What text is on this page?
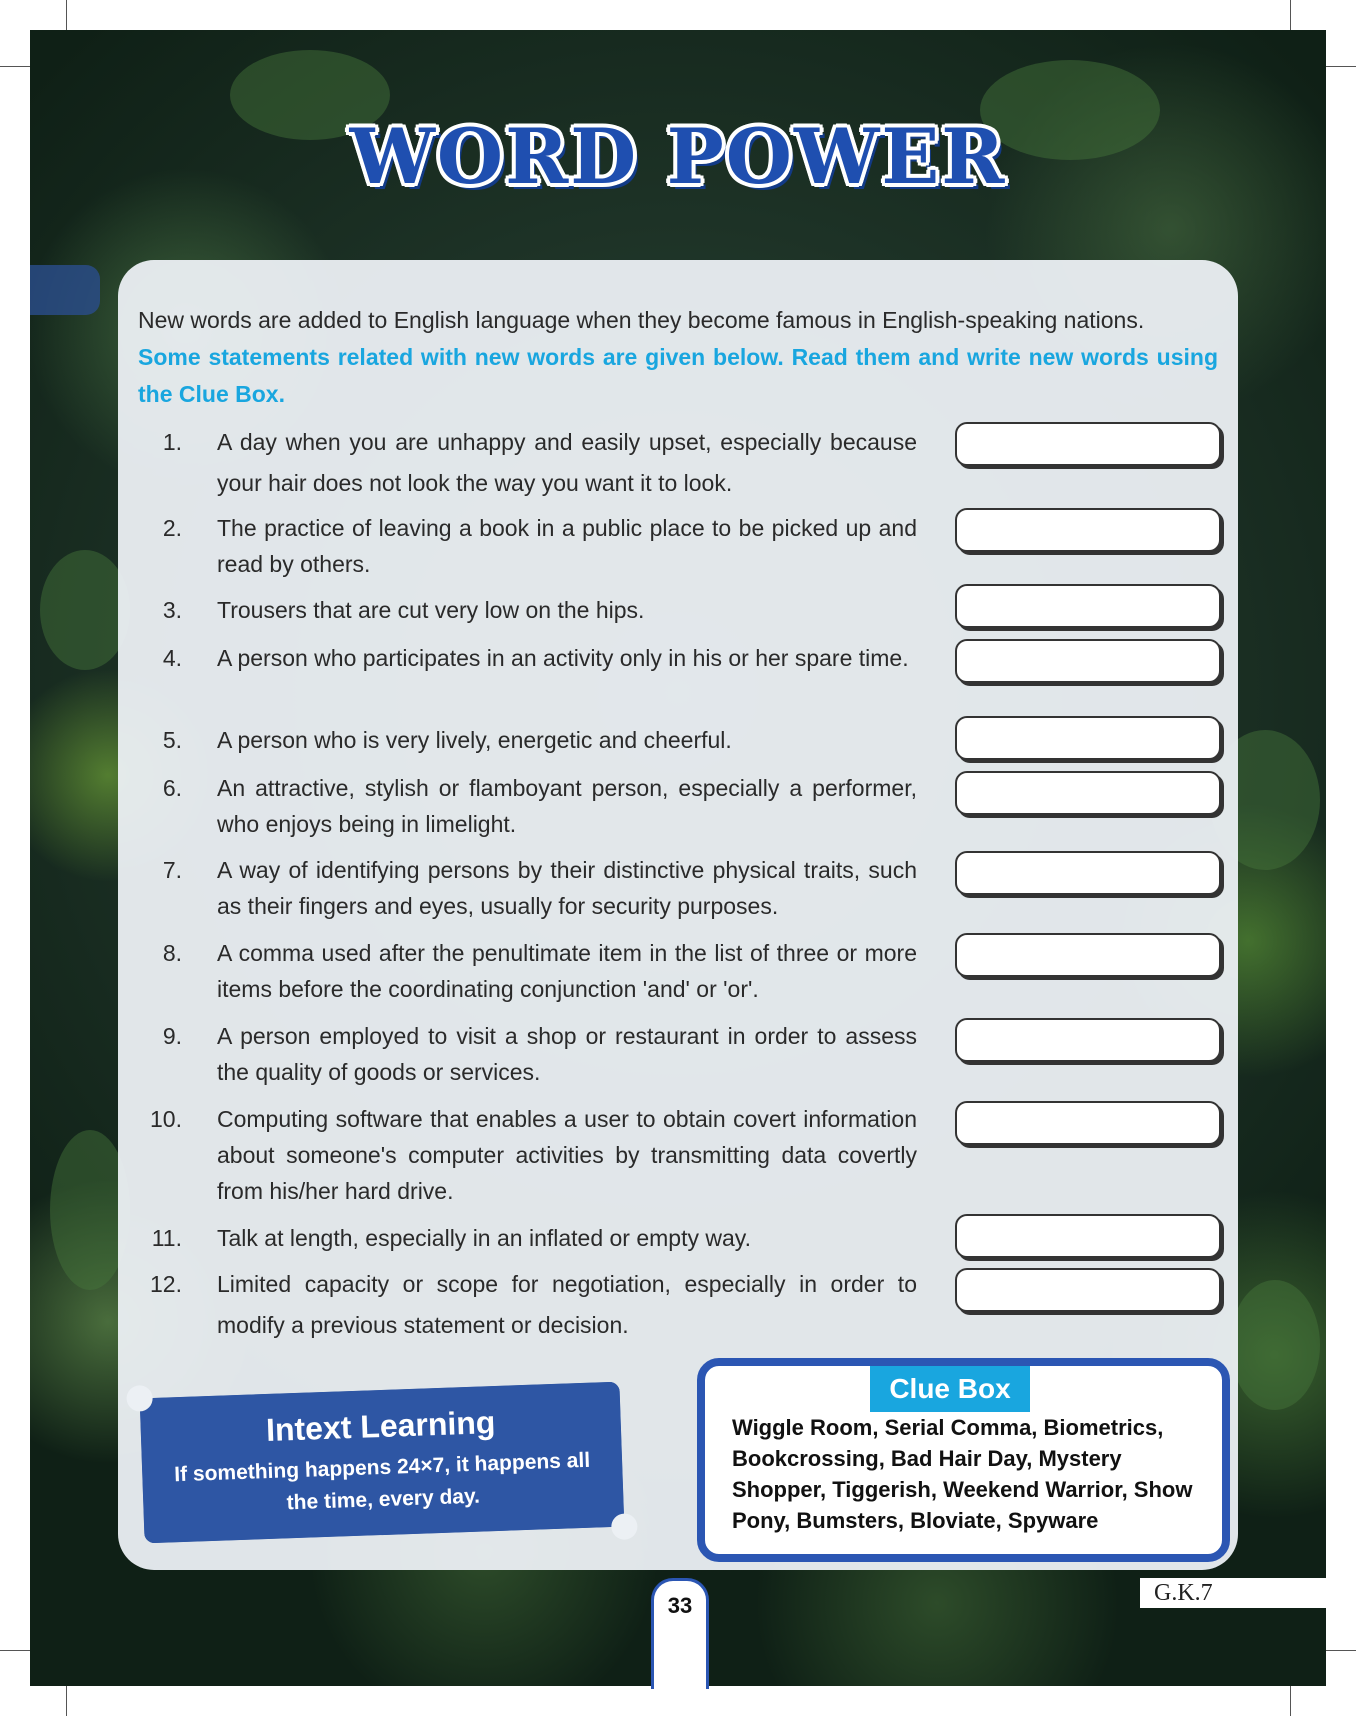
WORD POWER

New words are added to English language when they become famous in English-speaking nations.

Some statements related with new words are given below. Read them and write new words using the Clue Box.

1. A day when you are unhappy and easily upset, especially because your hair does not look the way you want it to look.

2. The practice of leaving a book in a public place to be picked up and read by others.

3. Trousers that are cut very low on the hips.

4. A person who participates in an activity only in his or her spare time.

5. A person who is very lively, energetic and cheerful.

6. An attractive, stylish or flamboyant person, especially a performer, who enjoys being in limelight.

7. A way of identifying persons by their distinctive physical traits, such as their fingers and eyes, usually for security purposes.

8. A comma used after the penultimate item in the list of three or more items before the coordinating conjunction 'and' or 'or'.

9. A person employed to visit a shop or restaurant in order to assess the quality of goods or services.

10. Computing software that enables a user to obtain covert information about someone's computer activities by transmitting data covertly from his/her hard drive.

11. Talk at length, especially in an inflated or empty way.

12. Limited capacity or scope for negotiation, especially in order to modify a previous statement or decision.

Intext Learning
If something happens 24×7, it happens all the time, every day.
Clue Box
Wiggle Room, Serial Comma, Biometrics, Bookcrossing, Bad Hair Day, Mystery Shopper, Tiggerish, Weekend Warrior, Show Pony, Bumsters, Bloviate, Spyware
33	G.K.7
